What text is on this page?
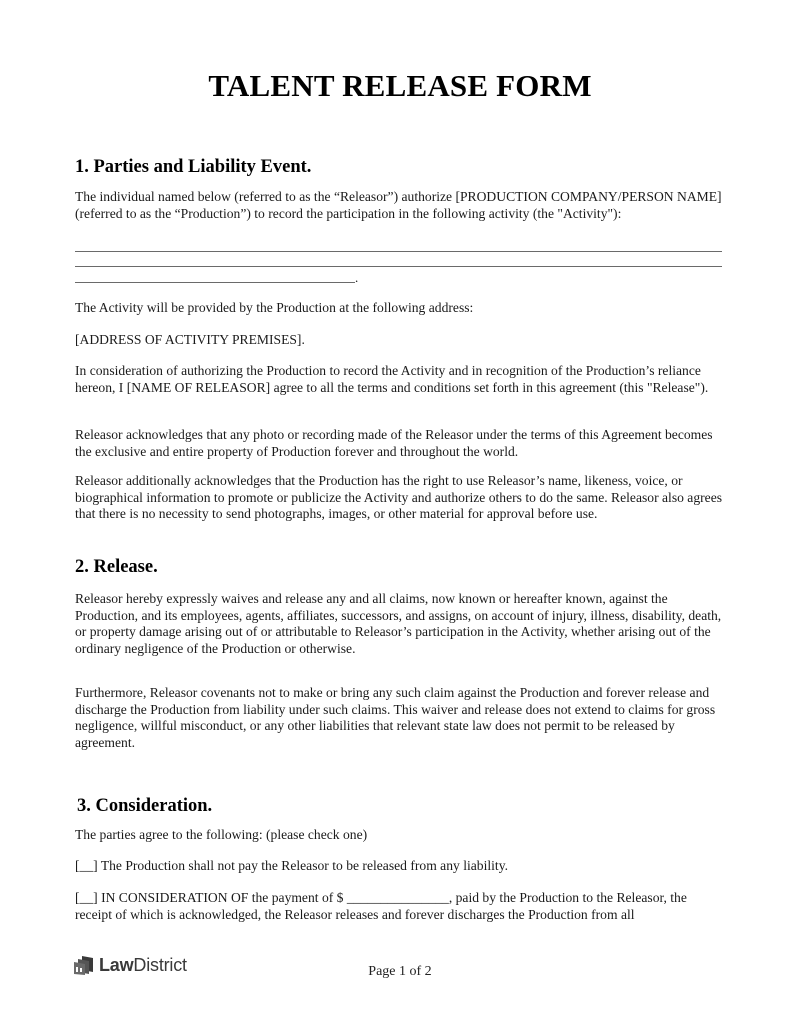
TALENT RELEASE FORM
1. Parties and Liability Event.
The individual named below (referred to as the “Releasor”) authorize [PRODUCTION COMPANY/PERSON NAME] (referred to as the “Production”) to record the participation in the following activity (the "Activity"):
.
The Activity will be provided by the Production at the following address:
[ADDRESS OF ACTIVITY PREMISES].
In consideration of authorizing the Production to record the Activity and in recognition of the Production’s reliance hereon, I [NAME OF RELEASOR] agree to all the terms and conditions set forth in this agreement (this "Release").
Releasor acknowledges that any photo or recording made of the Releasor under the terms of this Agreement becomes the exclusive and entire property of Production forever and throughout the world.
Releasor additionally acknowledges that the Production has the right to use Releasor’s name, likeness, voice, or biographical information to promote or publicize the Activity and authorize others to do the same. Releasor also agrees that there is no necessity to send photographs, images, or other material for approval before use.
2. Release.
Releasor hereby expressly waives and release any and all claims, now known or hereafter known, against the Production, and its employees, agents, affiliates, successors, and assigns, on account of injury, illness, disability, death, or property damage arising out of or attributable to Releasor’s participation in the Activity, whether arising out of the ordinary negligence of the Production or otherwise.
Furthermore, Releasor covenants not to make or bring any such claim against the Production and forever release and discharge the Production from liability under such claims. This waiver and release does not extend to claims for gross negligence, willful misconduct, or any other liabilities that relevant state law does not permit to be released by agreement.
3. Consideration.
The parties agree to the following: (please check one)
[__] The Production shall not pay the Releasor to be released from any liability.
[__] IN CONSIDERATION OF the payment of $ _______________, paid by the Production to the Releasor, the receipt of which is acknowledged, the Releasor releases and forever discharges the Production from all
LawDistrict	Page 1 of 2
